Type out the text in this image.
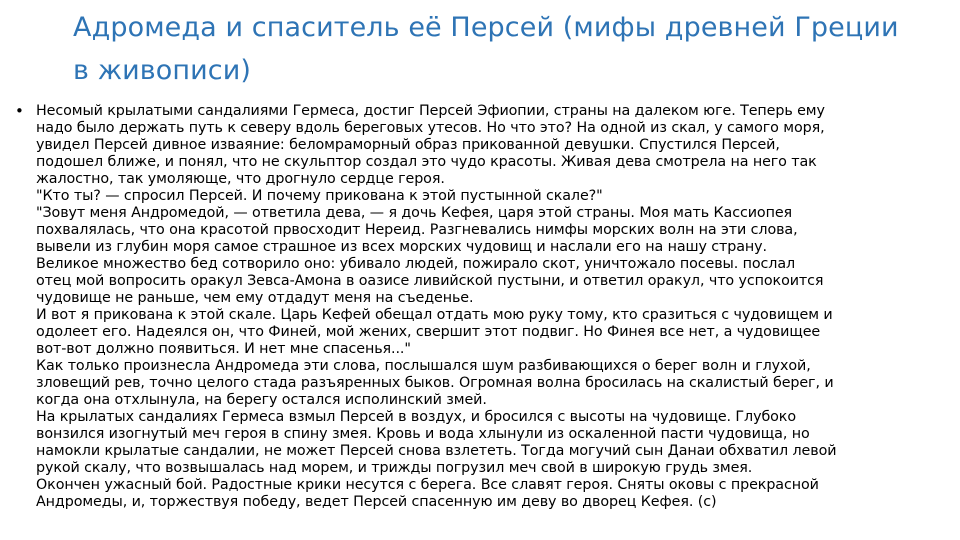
Адромеда и спаситель её Персей (мифы древней Греции в живописи)
• Несомый крылатыми сандалиями Гермеса, достиг Персей Эфиопии, страны на далеком юге. Теперь ему
надо было держать путь к северу вдоль береговых утесов. Но что это? На одной из скал, у самого моря,
увидел Персей дивное изваяние: беломраморный образ прикованной девушки. Спустился Персей,
подошел ближе, и понял, что не скульптор создал это чудо красоты. Живая дева смотрела на него так
жалостно, так умоляюще, что дрогнуло сердце героя.
"Кто ты? — спросил Персей. И почему прикована к этой пустынной скале?"
"Зовут меня Андромедой, — ответила дева, — я дочь Кефея, царя этой страны. Моя мать Кассиопея
похвалялась, что она красотой првосходит Нереид. Разгневались нимфы морских волн на эти слова,
вывели из глубин моря самое страшное из всех морских чудовищ и наслали его на нашу страну.
Великое множество бед сотворило оно: убивало людей, пожирало скот, уничтожало посевы. послал
отец мой вопросить оракул Зевса-Амона в оазисе ливийской пустыни, и ответил оракул, что успокоится
чудовище не раньше, чем ему отдадут меня на съеденье.
И вот я прикована к этой скале. Царь Кефей обещал отдать мою руку тому, кто сразиться с чудовищем и
одолеет его. Надеялся он, что Финей, мой жених, свершит этот подвиг. Но Финея все нет, а чудовищее
вот-вот должно появиться. И нет мне спасенья..."
Как только произнесла Андромеда эти слова, послышался шум разбивающихся о берег волн и глухой,
зловещий рев, точно целого стада разъяренных быков. Огромная волна бросилась на скалистый берег, и
когда она отхлынула, на берегу остался исполинский змей.
На крылатых сандалиях Гермеса взмыл Персей в воздух, и бросился с высоты на чудовище. Глубоко
вонзился изогнутый меч героя в спину змея. Кровь и вода хлынули из оскаленной пасти чудовища, но
намокли крылатые сандалии, не может Персей снова взлететь. Тогда могучий сын Данаи обхватил левой
рукой скалу, что возвышалась над морем, и трижды погрузил меч свой в широкую грудь змея.
Окончен ужасный бой. Радостные крики несутся с берега. Все славят героя. Сняты оковы с прекрасной
Андромеды, и, торжествуя победу, ведет Персей спасенную им деву во дворец Кефея. (с)
